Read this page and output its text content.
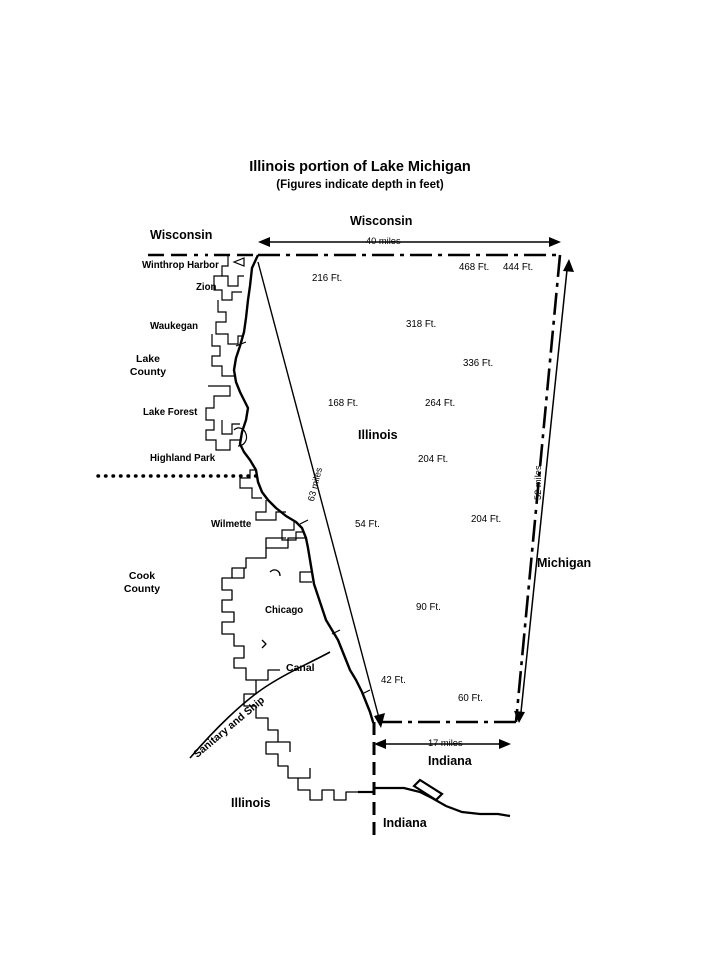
Illinois portion of Lake Michigan
(Figures indicate depth in feet)
Wisconsin
Wisconsin
Illinois
Michigan
Indiana
Indiana
Illinois
Lake
County
Cook
County
Winthrop Harbor
Zion
Waukegan
Lake Forest
Highland Park
Wilmette
Chicago
Sanitary and Ship
Canal
40 miles
63 miles	52 miles
17 miles
216 Ft.
468 Ft. 444 Ft.
318 Ft.
336 Ft.
168 Ft.	264 Ft.
204 Ft.
204 Ft.
54 Ft.
90 Ft.
42 Ft.
60 Ft.
